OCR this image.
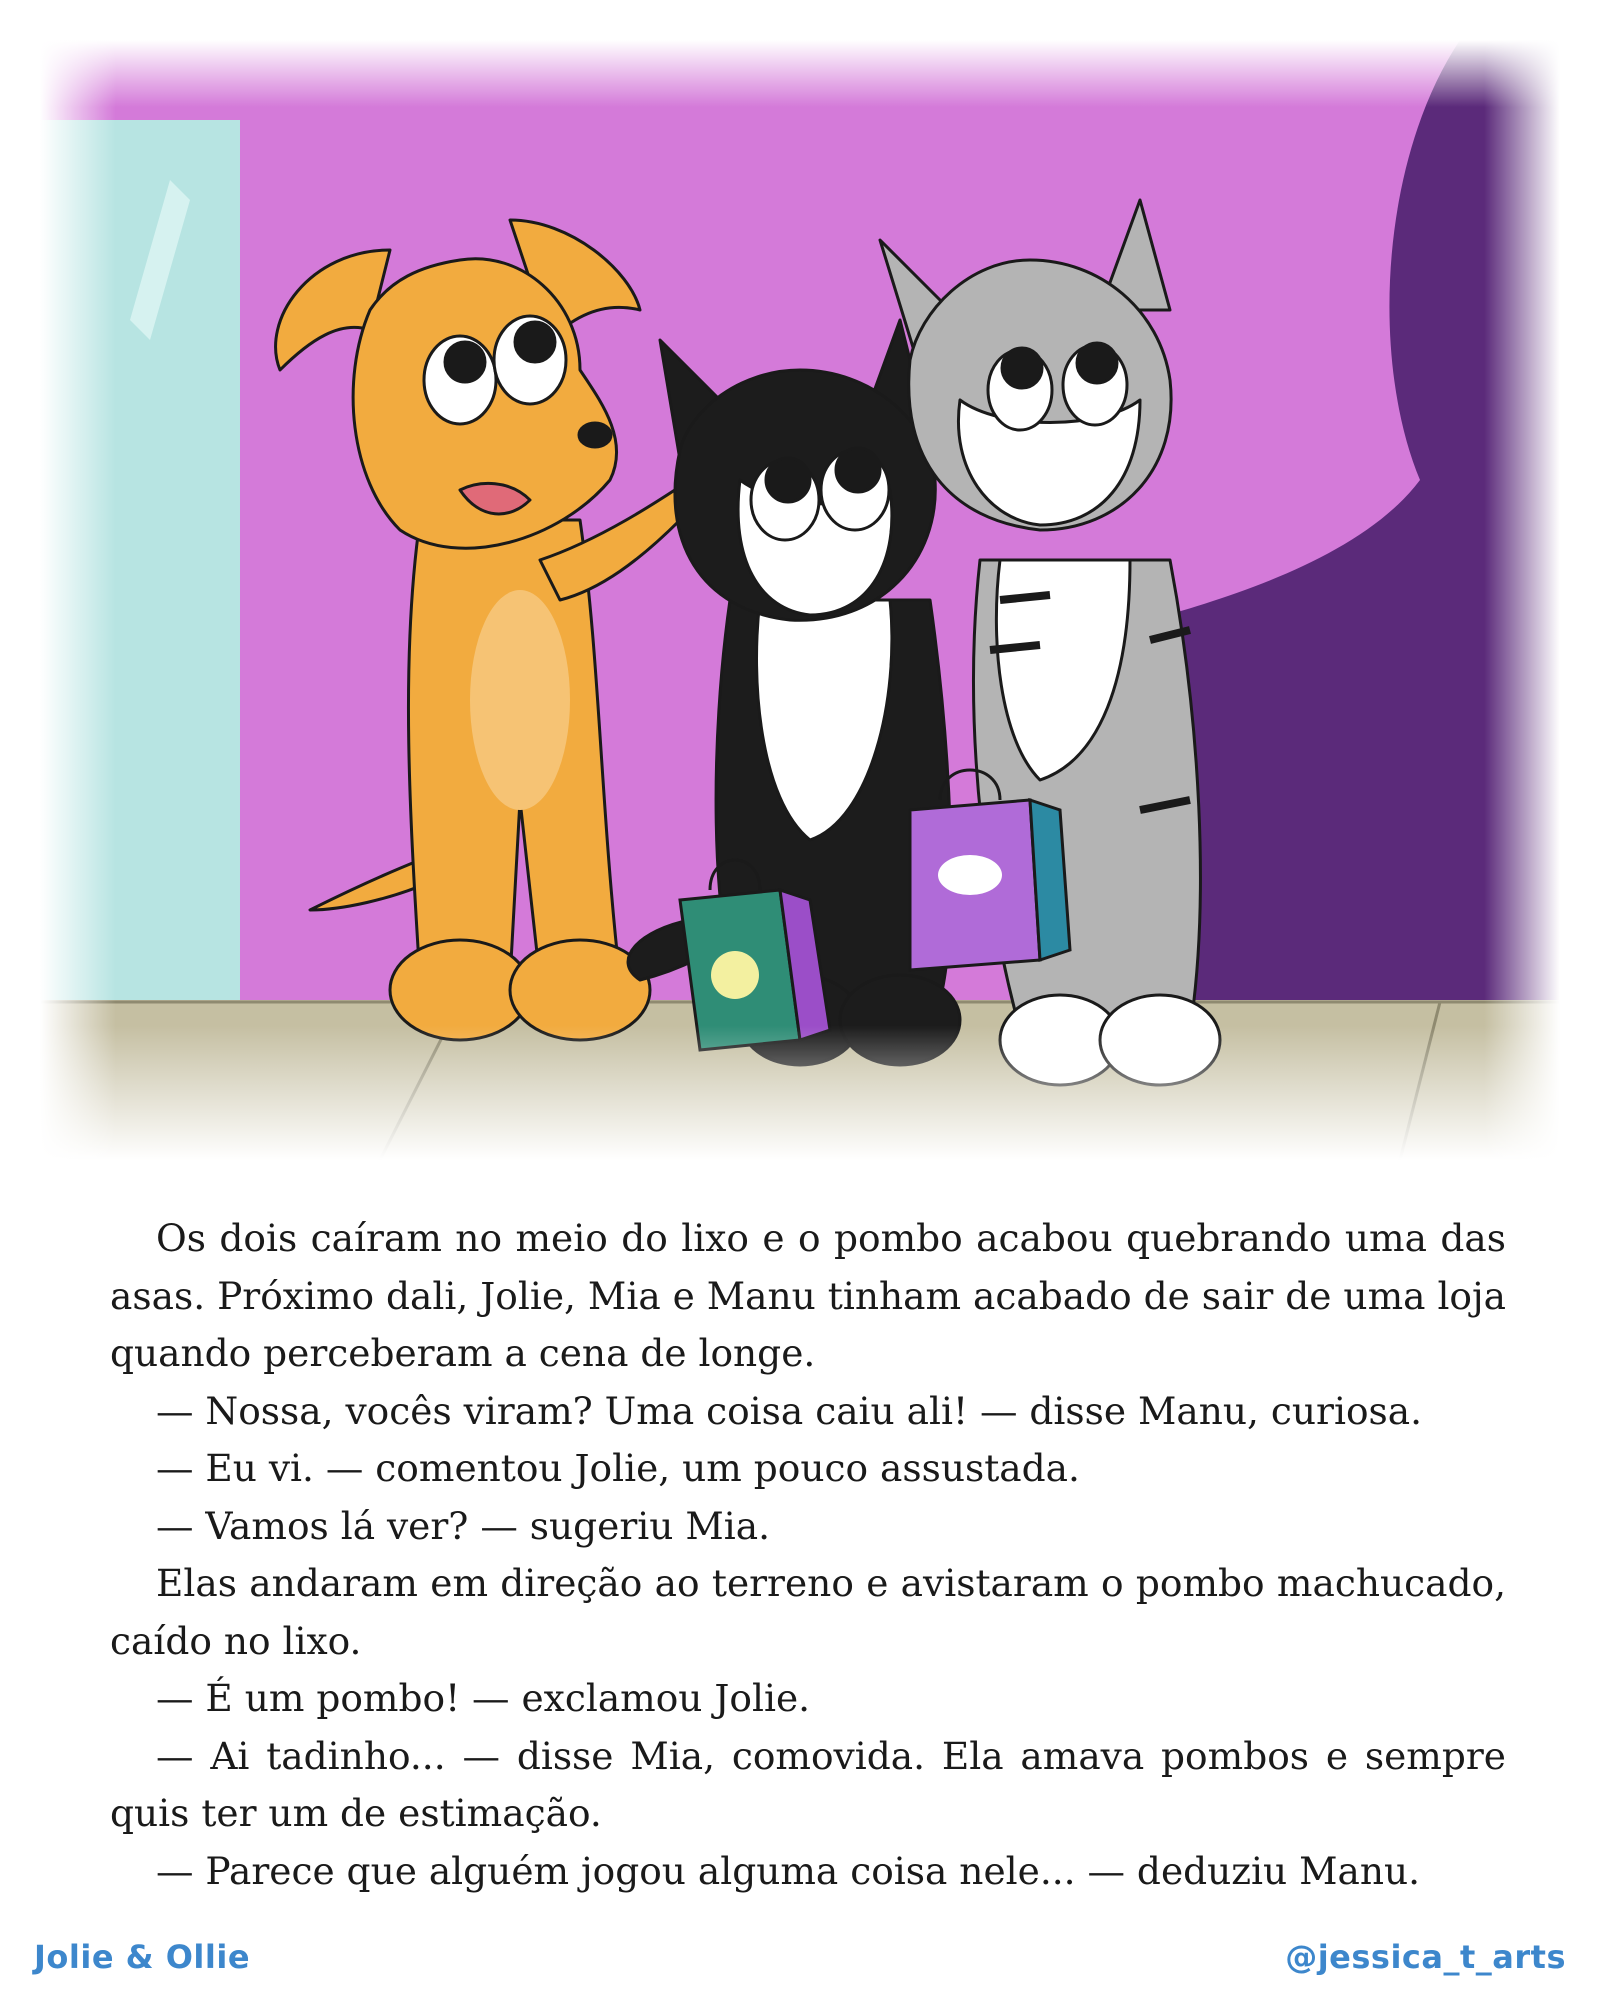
Os dois caíram no meio do lixo e o pombo acabou quebrando uma das asas. Próximo dali, Jolie, Mia e Manu tinham acabado de sair de uma loja quando perceberam a cena de longe.

— Nossa, vocês viram? Uma coisa caiu ali! — disse Manu, curiosa.

— Eu vi. — comentou Jolie, um pouco assustada.

— Vamos lá ver? — sugeriu Mia.

Elas andaram em direção ao terreno e avistaram o pombo machucado, caído no lixo.

— É um pombo! — exclamou Jolie.

— Ai tadinho... — disse Mia, comovida. Ela amava pombos e sempre quis ter um de estimação.

— Parece que alguém jogou alguma coisa nele... — deduziu Manu.

Jolie & Ollie	@jessica_t_arts
